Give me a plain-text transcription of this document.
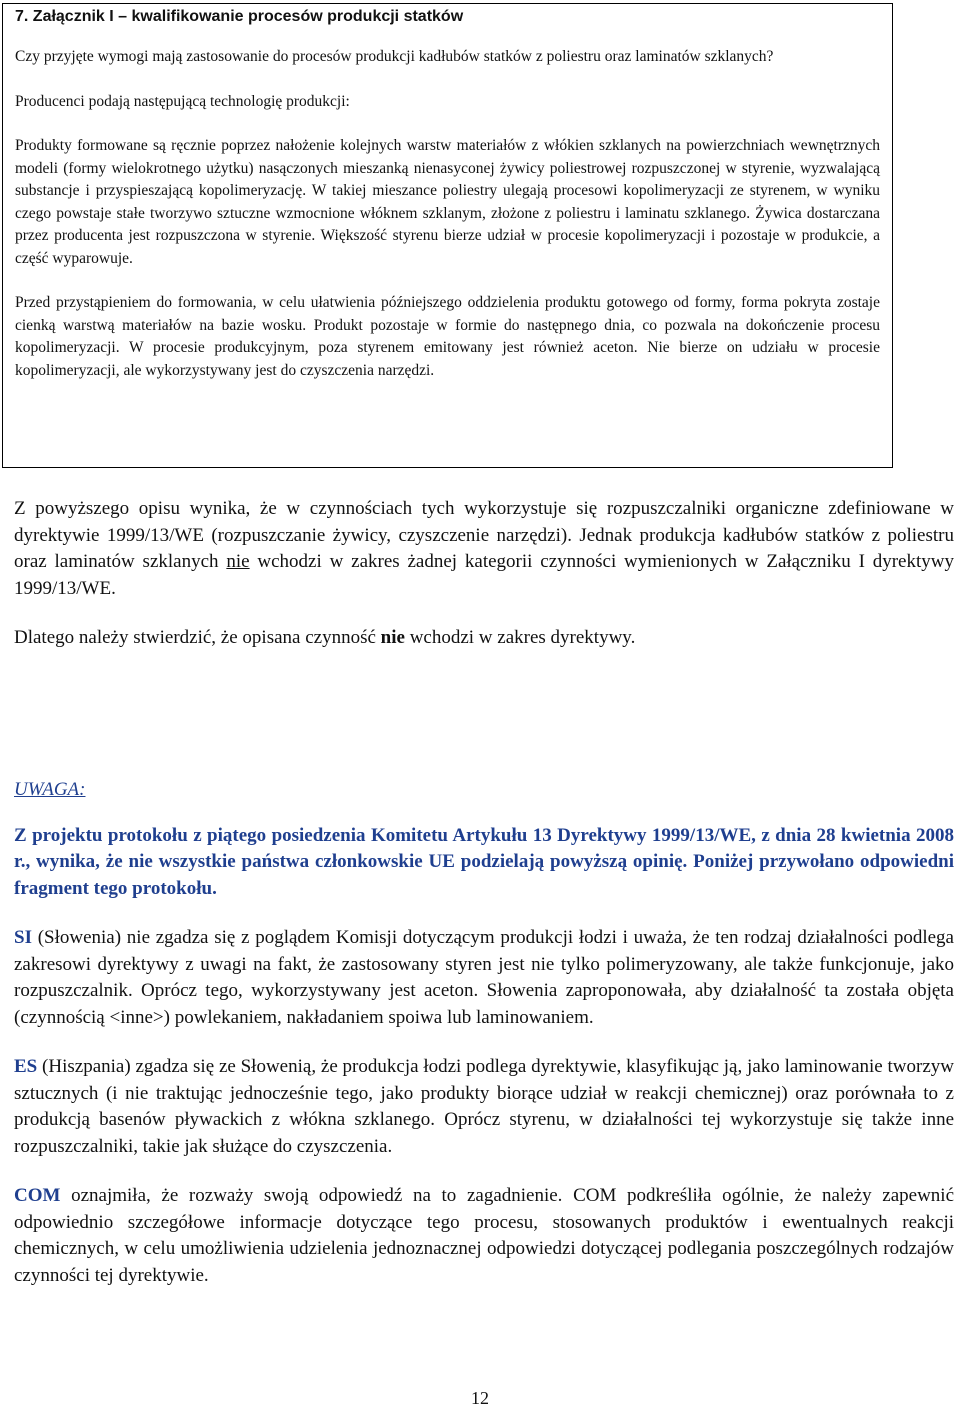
7. Załącznik I – kwalifikowanie procesów produkcji statków

Czy przyjęte wymogi mają zastosowanie do procesów produkcji kadłubów statków z poliestru oraz laminatów szklanych?

Producenci podają następującą technologię produkcji:

Produkty formowane są ręcznie poprzez nałożenie kolejnych warstw materiałów z włókien szklanych na powierzchniach wewnętrznych modeli (formy wielokrotnego użytku) nasączonych mieszanką nienasyconej żywicy poliestrowej rozpuszczonej w styrenie, wyzwalającą substancje i przyspieszającą kopolimeryzację. W takiej mieszance poliestry ulegają procesowi kopolimeryzacji ze styrenem, w wyniku czego powstaje stałe tworzywo sztuczne wzmocnione włóknem szklanym, złożone z poliestru i laminatu szklanego. Żywica dostarczana przez producenta jest rozpuszczona w styrenie. Większość styrenu bierze udział w procesie kopolimeryzacji i pozostaje w produkcie, a część wyparowuje.

Przed przystąpieniem do formowania, w celu ułatwienia późniejszego oddzielenia produktu gotowego od formy, forma pokryta zostaje cienką warstwą materiałów na bazie wosku. Produkt pozostaje w formie do następnego dnia, co pozwala na dokończenie procesu kopolimeryzacji. W procesie produkcyjnym, poza styrenem emitowany jest również aceton. Nie bierze on udziału w procesie kopolimeryzacji, ale wykorzystywany jest do czyszczenia narzędzi.

Z powyższego opisu wynika, że w czynnościach tych wykorzystuje się rozpuszczalniki organiczne zdefiniowane w dyrektywie 1999/13/WE (rozpuszczanie żywicy, czyszczenie narzędzi). Jednak produkcja kadłubów statków z poliestru oraz laminatów szklanych nie wchodzi w zakres żadnej kategorii czynności wymienionych w Załączniku I dyrektywy 1999/13/WE.

Dlatego należy stwierdzić, że opisana czynność nie wchodzi w zakres dyrektywy.

UWAGA:

Z projektu protokołu z piątego posiedzenia Komitetu Artykułu 13 Dyrektywy 1999/13/WE, z dnia 28 kwietnia 2008 r., wynika, że nie wszystkie państwa członkowskie UE podzielają powyższą opinię. Poniżej przywołano odpowiedni fragment tego protokołu.

SI (Słowenia) nie zgadza się z poglądem Komisji dotyczącym produkcji łodzi i uważa, że ten rodzaj działalności podlega zakresowi dyrektywy z uwagi na fakt, że zastosowany styren jest nie tylko polimeryzowany, ale także funkcjonuje, jako rozpuszczalnik. Oprócz tego, wykorzystywany jest aceton. Słowenia zaproponowała, aby działalność ta została objęta (czynnością <inne>) powlekaniem, nakładaniem spoiwa lub laminowaniem.

ES (Hiszpania) zgadza się ze Słowenią, że produkcja łodzi podlega dyrektywie, klasyfikując ją, jako laminowanie tworzyw sztucznych (i nie traktując jednocześnie tego, jako produkty biorące udział w reakcji chemicznej) oraz porównała to z produkcją basenów pływackich z włókna szklanego. Oprócz styrenu, w działalności tej wykorzystuje się także inne rozpuszczalniki, takie jak służące do czyszczenia.

COM oznajmiła, że rozważy swoją odpowiedź na to zagadnienie. COM podkreśliła ogólnie, że należy zapewnić odpowiednio szczegółowe informacje dotyczące tego procesu, stosowanych produktów i ewentualnych reakcji chemicznych, w celu umożliwienia udzielenia jednoznacznej odpowiedzi dotyczącej podlegania poszczególnych rodzajów czynności tej dyrektywie.

12
